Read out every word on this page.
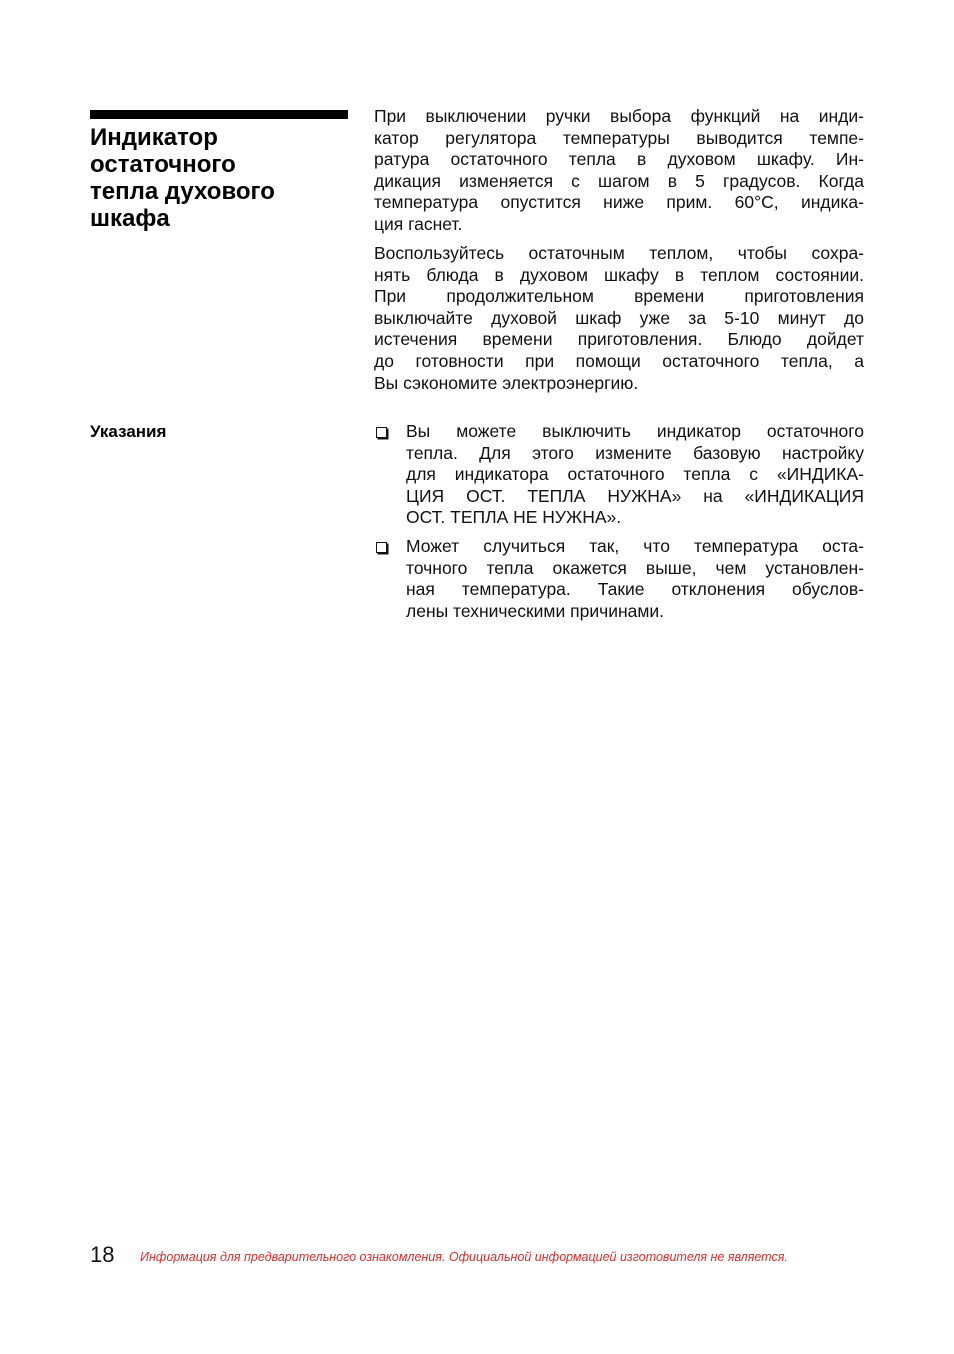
Индикатор
остаточного
тепла духового
шкафа
При выключении ручки выбора функций на инди-
катор регулятора температуры выводится темпе-
ратура остаточного тепла в духовом шкафу. Ин-
дикация изменяется с шагом в 5 градусов. Когда
температура опустится ниже прим. 60°С, индика-
ция гаснет.
Воспользуйтесь остаточным теплом, чтобы сохра-
нять блюда в духовом шкафу в теплом состоянии.
При продолжительном времени приготовления
выключайте духовой шкаф уже за 5-10 минут до
истечения времени приготовления. Блюдо дойдет
до готовности при помощи остаточного тепла, а
Вы сэкономите электроэнергию.
Указания	Вы можете выключить индикатор остаточного
тепла. Для этого измените базовую настройку
для индикатора остаточного тепла с «ИНДИКА-
ЦИЯ ОСТ. ТЕПЛА НУЖНА» на «ИНДИКАЦИЯ
ОСТ. ТЕПЛА НЕ НУЖНА».
Может случиться так, что температура оста-
точного тепла окажется выше, чем установлен-
ная температура. Такие отклонения обуслов-
лены техническими причинами.
18 Информация для предварительного ознакомления. Официальной информацией изготовителя не является.
